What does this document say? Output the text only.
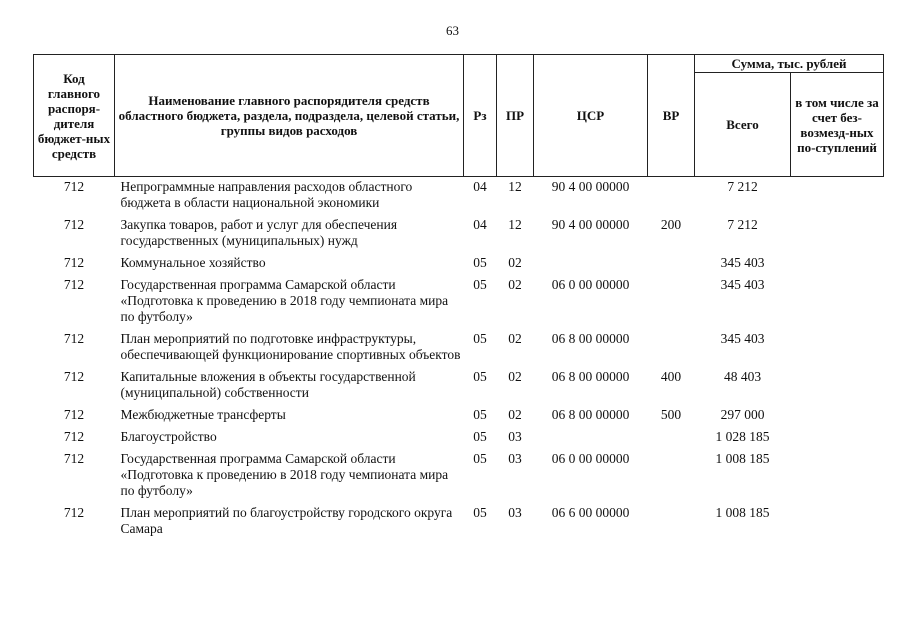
63
Код главного распоря-дителя бюджет-ных средств	Наименование главного распорядителя средств областного бюджета, раздела, подраздела, целевой статьи, группы видов расходов	Рз	ПР	ЦСР	ВР	Сумма, тыс. рублей	
						Всего	в том числе за счет без-возмезд-ных по-ступлений
712	Непрограммные направления расходов областного бюджета в области национальной экономики	04	12	90 4 00 00000		7 212	
712	Закупка товаров, работ и услуг для обеспечения государственных (муниципальных) нужд	04	12	90 4 00 00000	200	7 212	
712	Коммунальное хозяйство	05	02			345 403	
712	Государственная программа Самарской области «Подготовка к проведению в 2018 году чемпионата мира по футболу»	05	02	06 0 00 00000		345 403	
712	План мероприятий по подготовке инфраструктуры, обеспечивающей функционирование спортивных объектов	05	02	06 8 00 00000		345 403	
712	Капитальные вложения в объекты государственной (муниципальной) собственности	05	02	06 8 00 00000	400	48 403	
712	Межбюджетные трансферты	05	02	06 8 00 00000	500	297 000	
712	Благоустройство	05	03			1 028 185	
712	Государственная программа Самарской области «Подготовка к проведению в 2018 году чемпионата мира по футболу»	05	03	06 0 00 00000		1 008 185	
712	План мероприятий по благоустройству городского округа Самара	05	03	06 6 00 00000		1 008 185	
